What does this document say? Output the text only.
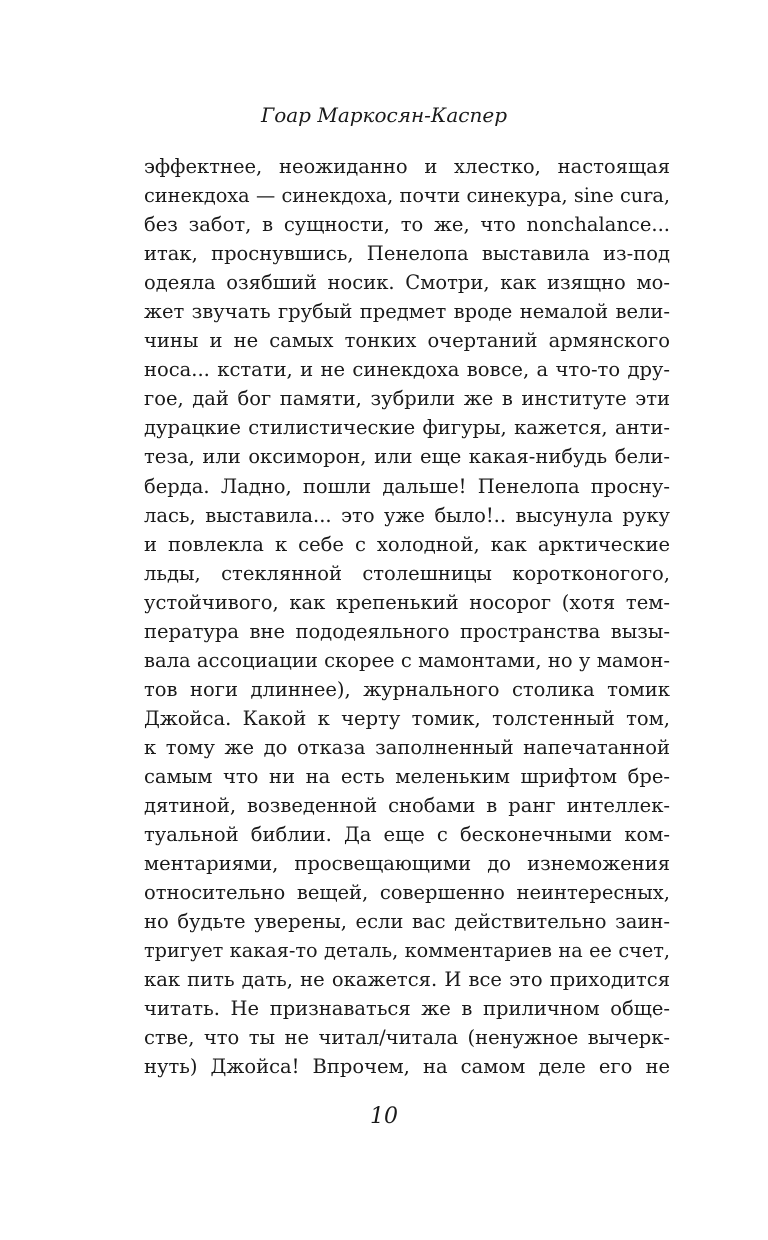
Гоар Маркосян-Каспер
эффектнее, неожиданно и хлестко, настоящая
синекдоха — синекдоха, почти синекура, sine cura,
без забот, в сущности, то же, что nonchalance...
итак, проснувшись, Пенелопа выставила из-под
одеяла озябший носик. Смотри, как изящно мо-
жет звучать грубый предмет вроде немалой вели-
чины и не самых тонких очертаний армянского
носа... кстати, и не синекдоха вовсе, а что-то дру-
гое, дай бог памяти, зубрили же в институте эти
дурацкие стилистические фигуры, кажется, анти-
теза, или оксиморон, или еще какая-нибудь бели-
берда. Ладно, пошли дальше! Пенелопа просну-
лась, выставила... это уже было!.. высунула руку
и повлекла к себе с холодной, как арктические
льды, стеклянной столешницы коротконогого,
устойчивого, как крепенький носорог (хотя тем-
пература вне пододеяльного пространства вызы-
вала ассоциации скорее с мамонтами, но у мамон-
тов ноги длиннее), журнального столика томик
Джойса. Какой к черту томик, толстенный том,
к тому же до отказа заполненный напечатанной
самым что ни на есть меленьким шрифтом бре-
дятиной, возведенной снобами в ранг интеллек-
туальной библии. Да еще с бесконечными ком-
ментариями, просвещающими до изнеможения
относительно вещей, совершенно неинтересных,
но будьте уверены, если вас действительно заин-
тригует какая-то деталь, комментариев на ее счет,
как пить дать, не окажется. И все это приходится
читать. Не признаваться же в приличном обще-
стве, что ты не читал/читала (ненужное вычерк-
нуть) Джойса! Впрочем, на самом деле его не
10
